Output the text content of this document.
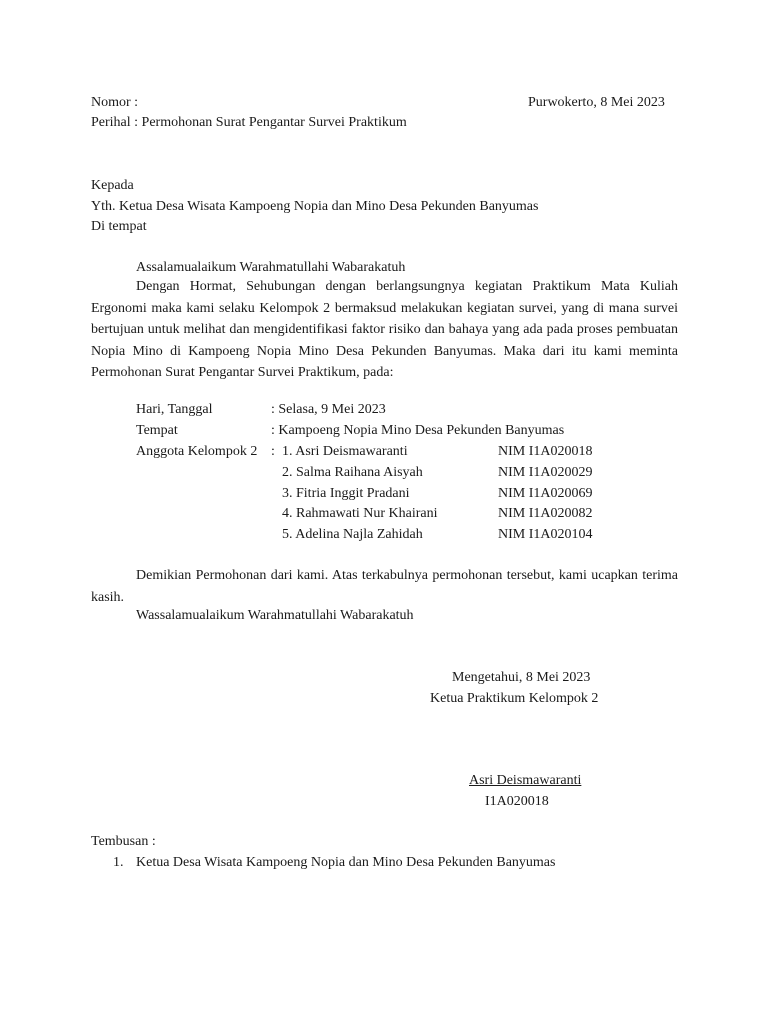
Nomor :	Purwokerto, 8 Mei 2023
Perihal : Permohonan Surat Pengantar Survei Praktikum
Kepada
Yth. Ketua Desa Wisata Kampoeng Nopia dan Mino Desa Pekunden Banyumas
Di tempat
Assalamualaikum Warahmatullahi Wabarakatuh

Dengan Hormat, Sehubungan dengan berlangsungnya kegiatan Praktikum Mata Kuliah Ergonomi maka kami selaku Kelompok 2 bermaksud melakukan kegiatan survei, yang di mana survei bertujuan untuk melihat dan mengidentifikasi faktor risiko dan bahaya yang ada pada proses pembuatan Nopia Mino di Kampoeng Nopia Mino Desa Pekunden Banyumas. Maka dari itu kami meminta Permohonan Surat Pengantar Survei Praktikum, pada:

Hari, Tanggal	: Selasa, 9 Mei 2023
Tempat	: Kampoeng Nopia Mino Desa Pekunden Banyumas
Anggota Kelompok 2 : 1. Asri Deismawaranti	NIM I1A020018
2. Salma Raihana Aisyah	NIM I1A020029
3. Fitria Inggit Pradani	NIM I1A020069
4. Rahmawati Nur Khairani	NIM I1A020082
5. Adelina Najla Zahidah	NIM I1A020104

Demikian Permohonan dari kami. Atas terkabulnya permohonan tersebut, kami ucapkan terima kasih.

Wassalamualaikum Warahmatullahi Wabarakatuh
Mengetahui, 8 Mei 2023
Ketua Praktikum Kelompok 2
Asri Deismawaranti
I1A020018
Tembusan :
1. Ketua Desa Wisata Kampoeng Nopia dan Mino Desa Pekunden Banyumas
